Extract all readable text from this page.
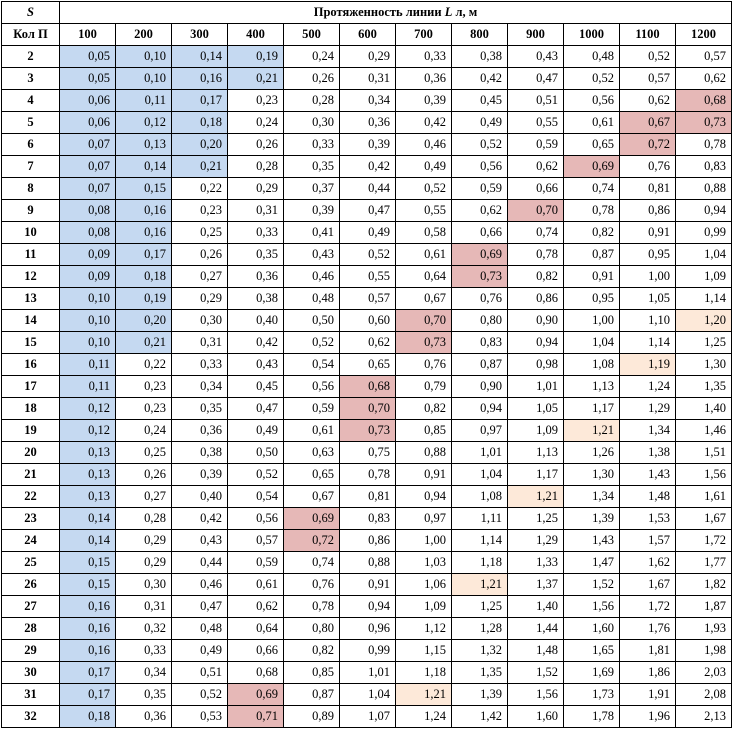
S	Протяженность линии L л, м											
Кол П	100	200	300	400	500	600	700	800	900	1000	1100	1200
2	0,05	0,10	0,14	0,19	0,24	0,29	0,33	0,38	0,43	0,48	0,52	0,57
3	0,05	0,10	0,16	0,21	0,26	0,31	0,36	0,42	0,47	0,52	0,57	0,62
4	0,06	0,11	0,17	0,23	0,28	0,34	0,39	0,45	0,51	0,56	0,62	0,68
5	0,06	0,12	0,18	0,24	0,30	0,36	0,42	0,49	0,55	0,61	0,67	0,73
6	0,07	0,13	0,20	0,26	0,33	0,39	0,46	0,52	0,59	0,65	0,72	0,78
7	0,07	0,14	0,21	0,28	0,35	0,42	0,49	0,56	0,62	0,69	0,76	0,83
8	0,07	0,15	0,22	0,29	0,37	0,44	0,52	0,59	0,66	0,74	0,81	0,88
9	0,08	0,16	0,23	0,31	0,39	0,47	0,55	0,62	0,70	0,78	0,86	0,94
10	0,08	0,16	0,25	0,33	0,41	0,49	0,58	0,66	0,74	0,82	0,91	0,99
11	0,09	0,17	0,26	0,35	0,43	0,52	0,61	0,69	0,78	0,87	0,95	1,04
12	0,09	0,18	0,27	0,36	0,46	0,55	0,64	0,73	0,82	0,91	1,00	1,09
13	0,10	0,19	0,29	0,38	0,48	0,57	0,67	0,76	0,86	0,95	1,05	1,14
14	0,10	0,20	0,30	0,40	0,50	0,60	0,70	0,80	0,90	1,00	1,10	1,20
15	0,10	0,21	0,31	0,42	0,52	0,62	0,73	0,83	0,94	1,04	1,14	1,25
16	0,11	0,22	0,33	0,43	0,54	0,65	0,76	0,87	0,98	1,08	1,19	1,30
17	0,11	0,23	0,34	0,45	0,56	0,68	0,79	0,90	1,01	1,13	1,24	1,35
18	0,12	0,23	0,35	0,47	0,59	0,70	0,82	0,94	1,05	1,17	1,29	1,40
19	0,12	0,24	0,36	0,49	0,61	0,73	0,85	0,97	1,09	1,21	1,34	1,46
20	0,13	0,25	0,38	0,50	0,63	0,75	0,88	1,01	1,13	1,26	1,38	1,51
21	0,13	0,26	0,39	0,52	0,65	0,78	0,91	1,04	1,17	1,30	1,43	1,56
22	0,13	0,27	0,40	0,54	0,67	0,81	0,94	1,08	1,21	1,34	1,48	1,61
23	0,14	0,28	0,42	0,56	0,69	0,83	0,97	1,11	1,25	1,39	1,53	1,67
24	0,14	0,29	0,43	0,57	0,72	0,86	1,00	1,14	1,29	1,43	1,57	1,72
25	0,15	0,29	0,44	0,59	0,74	0,88	1,03	1,18	1,33	1,47	1,62	1,77
26	0,15	0,30	0,46	0,61	0,76	0,91	1,06	1,21	1,37	1,52	1,67	1,82
27	0,16	0,31	0,47	0,62	0,78	0,94	1,09	1,25	1,40	1,56	1,72	1,87
28	0,16	0,32	0,48	0,64	0,80	0,96	1,12	1,28	1,44	1,60	1,76	1,93
29	0,16	0,33	0,49	0,66	0,82	0,99	1,15	1,32	1,48	1,65	1,81	1,98
30	0,17	0,34	0,51	0,68	0,85	1,01	1,18	1,35	1,52	1,69	1,86	2,03
31	0,17	0,35	0,52	0,69	0,87	1,04	1,21	1,39	1,56	1,73	1,91	2,08
32	0,18	0,36	0,53	0,71	0,89	1,07	1,24	1,42	1,60	1,78	1,96	2,13
